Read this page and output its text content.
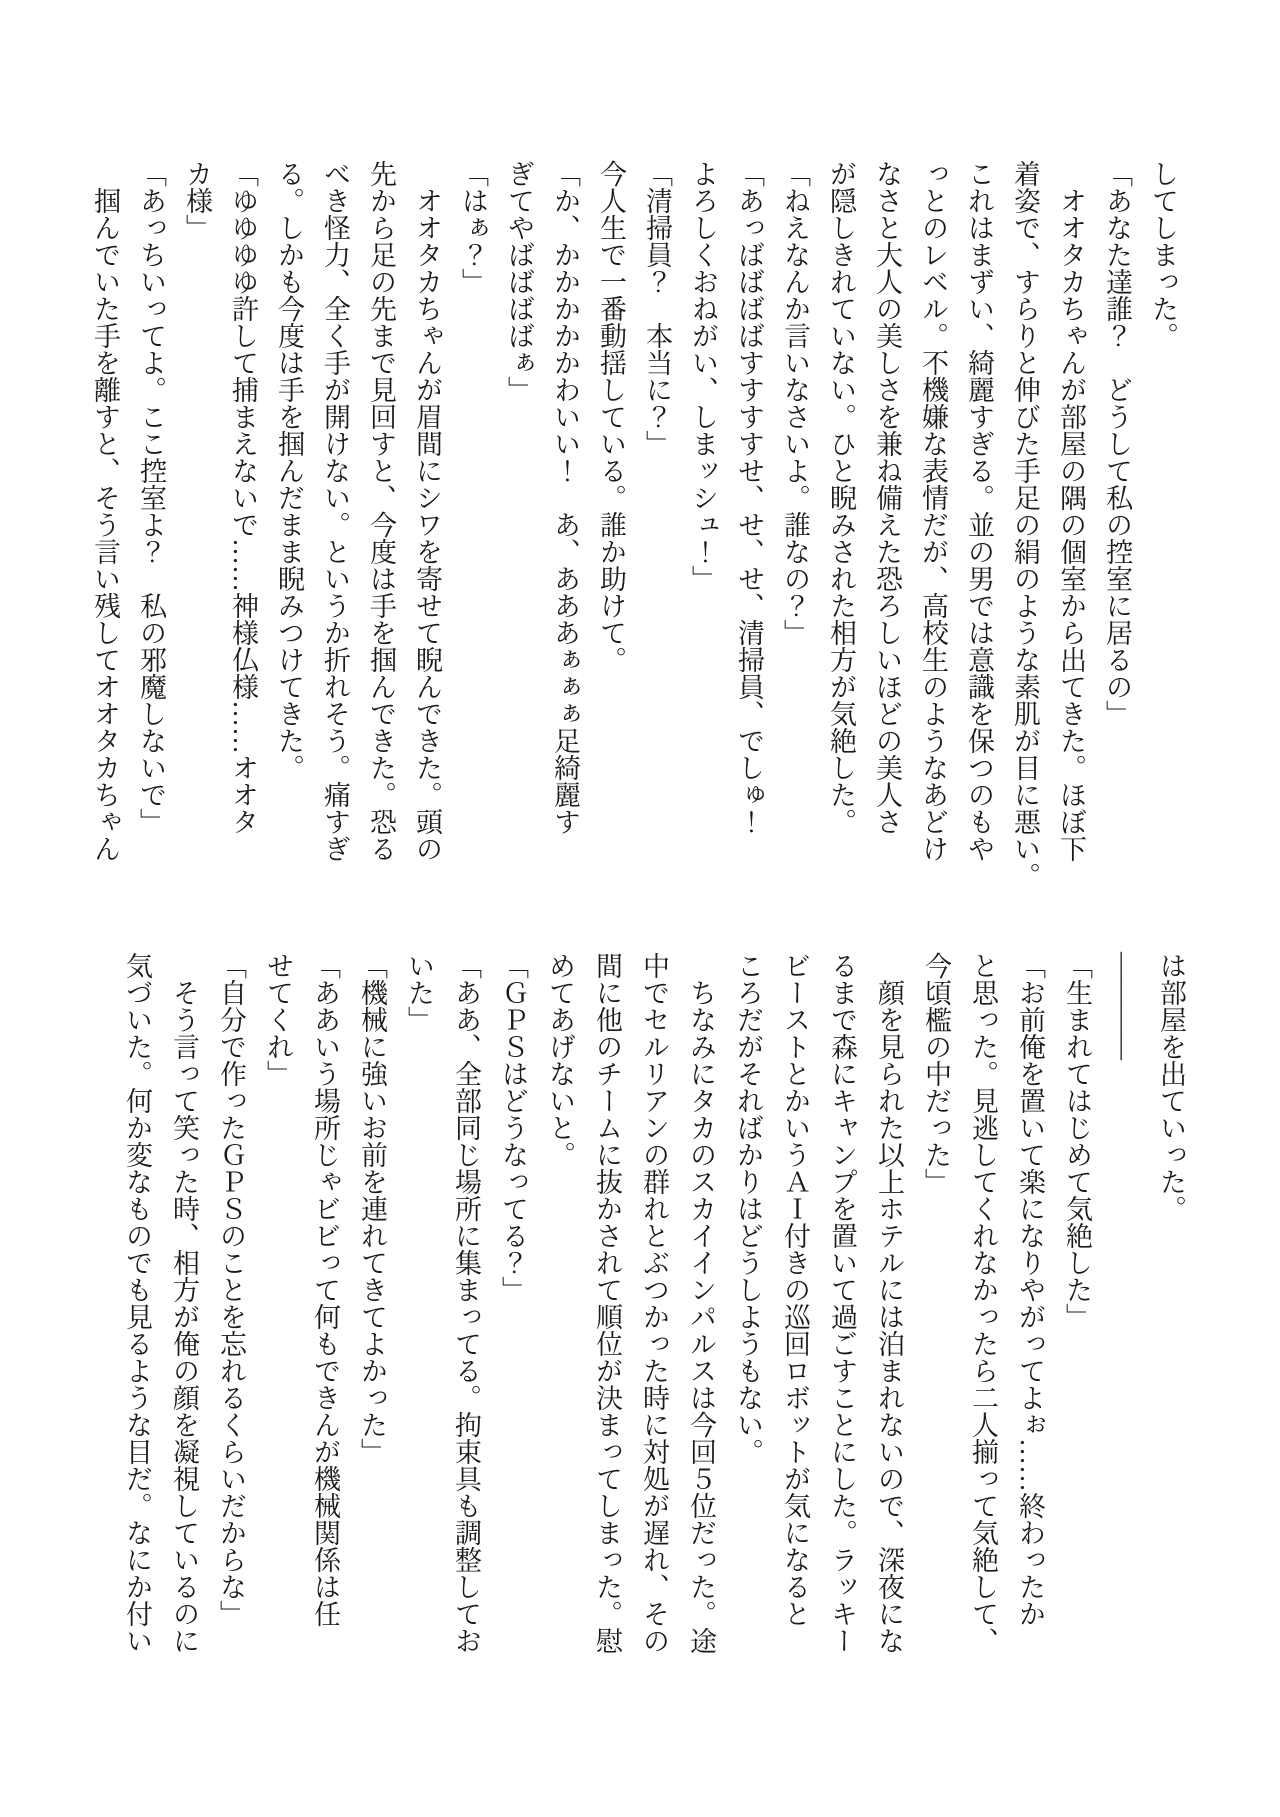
してしまった。
「あなた達誰？　どうして私の控室に居るの」
　オオタカちゃんが部屋の隅の個室から出てきた。ほぼ下
着姿で、すらりと伸びた手足の絹のような素肌が目に悪い。
これはまずい、綺麗すぎる。並の男では意識を保つのもや
っとのレベル。不機嫌な表情だが、高校生のようなあどけ
なさと大人の美しさを兼ね備えた恐ろしいほどの美人さ
が隠しきれていない。ひと睨みされた相方が気絶した。
「ねえなんか言いなさいよ。誰なの？」
「あっばばばばすすすすせ、せ、せ、清掃員、でしゅ！
よろしくおねがい、しまッシュ！」
「清掃員？　本当に？」
今人生で一番動揺している。誰か助けて。
「か、かかかかかわいい！　あ、あああぁぁぁ足綺麗す
ぎてやばばばばぁ」
「はぁ？」
　オオタカちゃんが眉間にシワを寄せて睨んできた。頭の
先から足の先まで見回すと、今度は手を掴んできた。恐る
べき怪力、全く手が開けない。というか折れそう。痛すぎ
る。しかも今度は手を掴んだまま睨みつけてきた。
「ゆゆゆゆ許して捕まえないで……神様仏様……オオタ
カ様」
「あっちいってよ。ここ控室よ？　私の邪魔しないで」
　掴んでいた手を離すと、そう言い残してオオタカちゃん
は部屋を出ていった。
――――
「生まれてはじめて気絶した」
「お前俺を置いて楽になりやがってよぉ……終わったか
と思った。見逃してくれなかったら二人揃って気絶して、
今頃檻の中だった」
　顔を見られた以上ホテルには泊まれないので、深夜にな
るまで森にキャンプを置いて過ごすことにした。ラッキー
ビーストとかいうＡＩ付きの巡回ロボットが気になると
ころだがそればかりはどうしようもない。
　ちなみにタカのスカイインパルスは今回５位だった。途
中でセルリアンの群れとぶつかった時に対処が遅れ、その
間に他のチームに抜かされて順位が決まってしまった。慰
めてあげないと。
「ＧＰＳはどうなってる？」
「ああ、全部同じ場所に集まってる。拘束具も調整してお
いた」
「機械に強いお前を連れてきてよかった」
「ああいう場所じゃビビって何もできんが機械関係は任
せてくれ」
「自分で作ったＧＰＳのことを忘れるくらいだからな」
　そう言って笑った時、相方が俺の顔を凝視しているのに
気づいた。何か変なものでも見るような目だ。なにか付い
